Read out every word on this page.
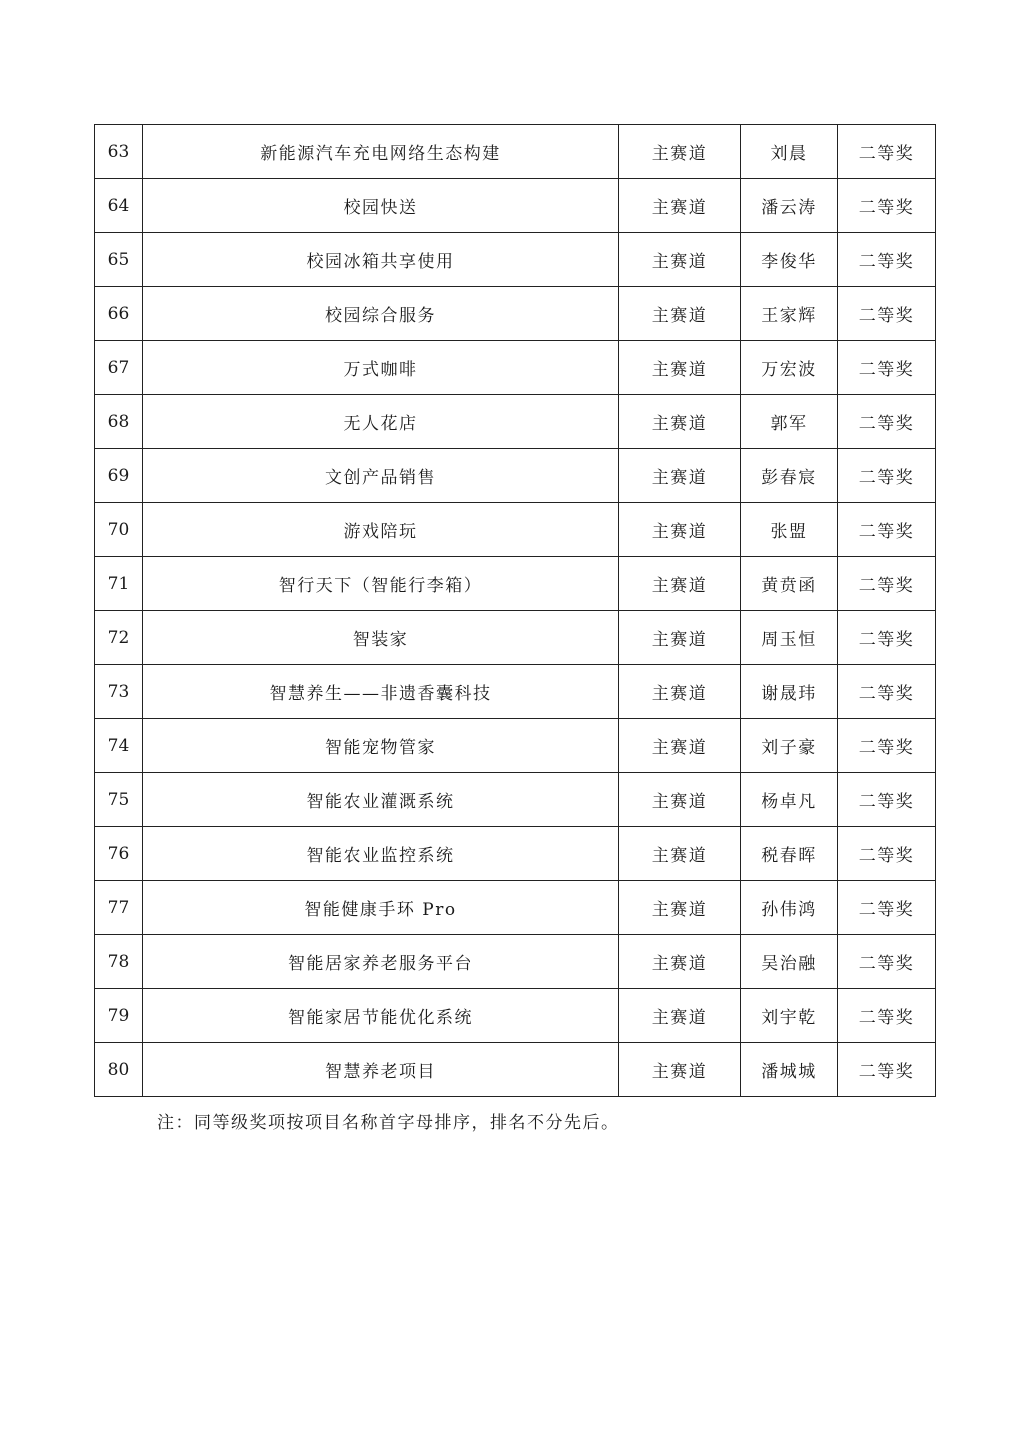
63	新能源汽车充电网络生态构建	主赛道	刘晨	二等奖
64	校园快送	主赛道	潘云涛	二等奖
65	校园冰箱共享使用	主赛道	李俊华	二等奖
66	校园综合服务	主赛道	王家辉	二等奖
67	万式咖啡	主赛道	万宏波	二等奖
68	无人花店	主赛道	郭军	二等奖
69	文创产品销售	主赛道	彭春宸	二等奖
70	游戏陪玩	主赛道	张盟	二等奖
71	智行天下（智能行李箱）	主赛道	黄贲函	二等奖
72	智装家	主赛道	周玉恒	二等奖
73	智慧养生——非遗香囊科技	主赛道	谢晟玮	二等奖
74	智能宠物管家	主赛道	刘子豪	二等奖
75	智能农业灌溉系统	主赛道	杨卓凡	二等奖
76	智能农业监控系统	主赛道	税春晖	二等奖
77	智能健康手环 Pro	主赛道	孙伟鸿	二等奖
78	智能居家养老服务平台	主赛道	吴治融	二等奖
79	智能家居节能优化系统	主赛道	刘宇乾	二等奖
80	智慧养老项目	主赛道	潘城城	二等奖
注：同等级奖项按项目名称首字母排序，排名不分先后。
